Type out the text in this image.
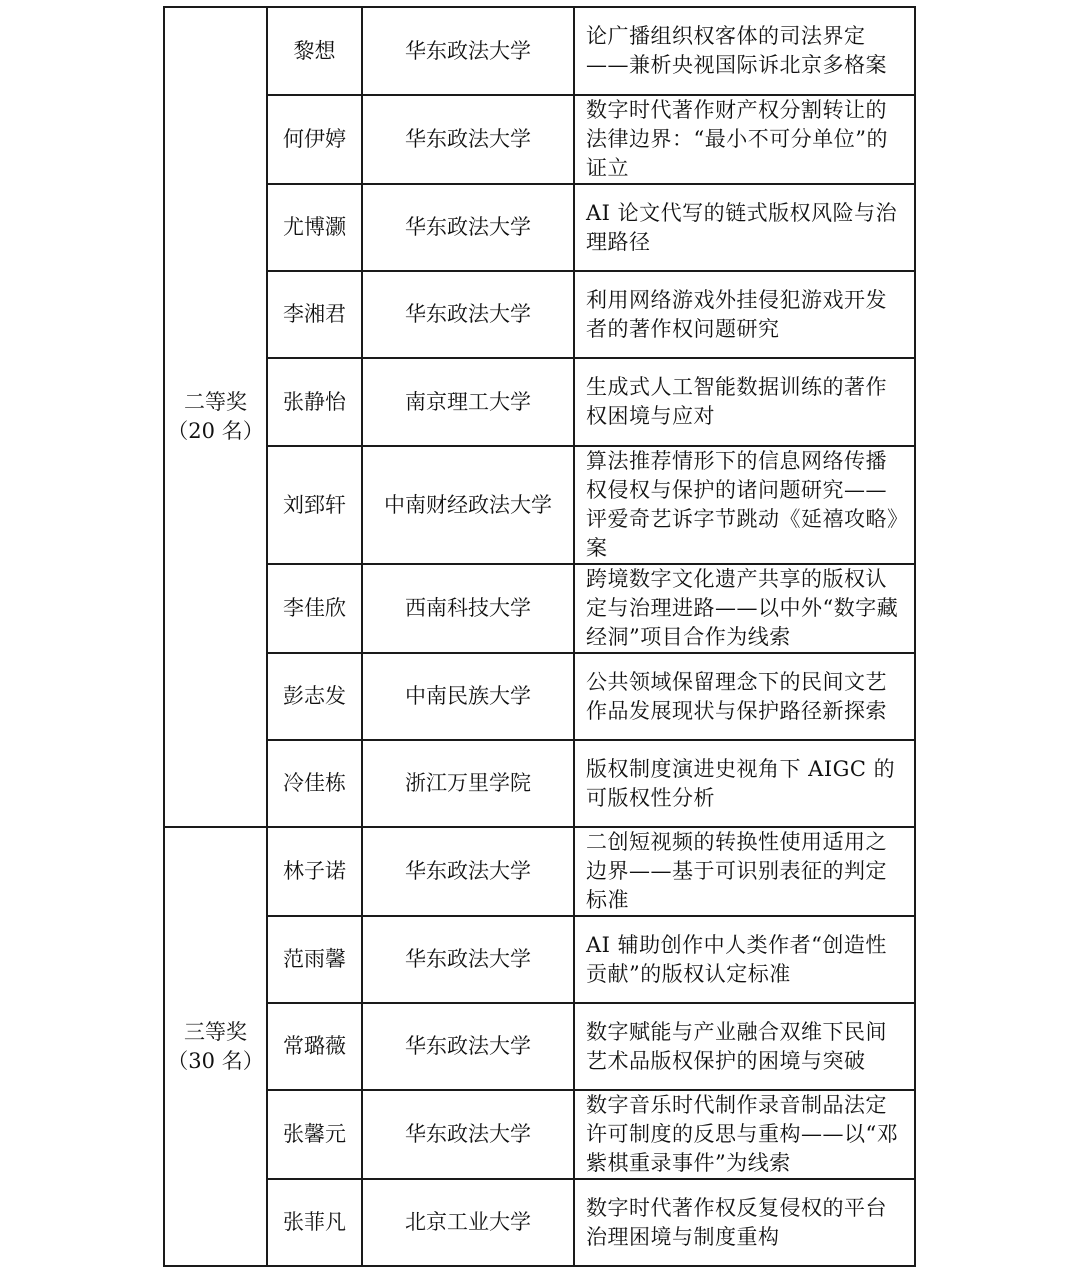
二等奖
（20 名）	黎想	华东政法大学	论广播组织权客体的司法界定——兼析央视国际诉北京多格案
	何伊婷	华东政法大学	数字时代著作财产权分割转让的法律边界：“最小不可分单位”的证立
	尤博灏	华东政法大学	AI 论文代写的链式版权风险与治理路径
	李湘君	华东政法大学	利用网络游戏外挂侵犯游戏开发者的著作权问题研究
	张静怡	南京理工大学	生成式人工智能数据训练的著作权困境与应对
	刘郅轩	中南财经政法大学	算法推荐情形下的信息网络传播权侵权与保护的诸问题研究——评爱奇艺诉字节跳动《延禧攻略》案
	李佳欣	西南科技大学	跨境数字文化遗产共享的版权认定与治理进路——以中外“数字藏经洞”项目合作为线索
	彭志发	中南民族大学	公共领域保留理念下的民间文艺作品发展现状与保护路径新探索
	冷佳栋	浙江万里学院	版权制度演进史视角下 AIGC 的可版权性分析

三等奖
（30 名）	林子诺	华东政法大学	二创短视频的转换性使用适用之边界——基于可识别表征的判定标准
	范雨馨	华东政法大学	AI 辅助创作中人类作者“创造性贡献”的版权认定标准
	常璐薇	华东政法大学	数字赋能与产业融合双维下民间艺术品版权保护的困境与突破
	张馨元	华东政法大学	数字音乐时代制作录音制品法定许可制度的反思与重构——以“邓紫棋重录事件”为线索
	张菲凡	北京工业大学	数字时代著作权反复侵权的平台治理困境与制度重构
